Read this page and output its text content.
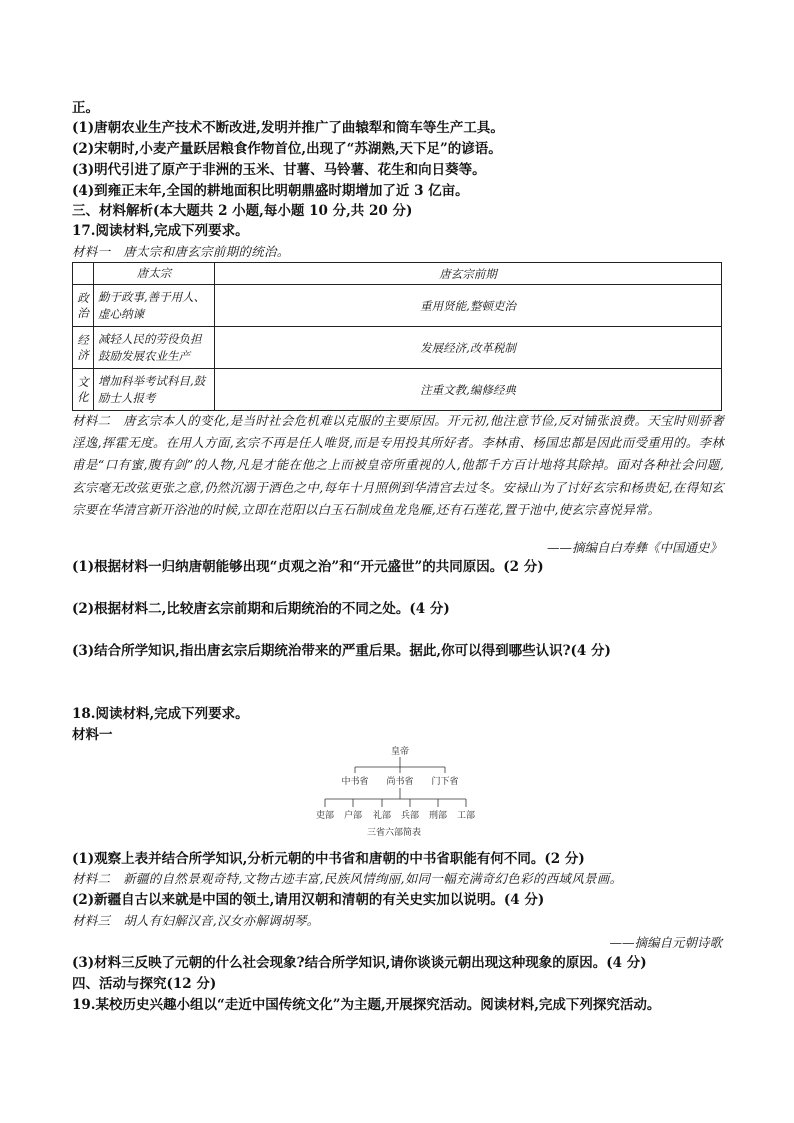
正。
(1)唐朝农业生产技术不断改进,发明并推广了曲辕犁和筒车等生产工具。
(2)宋朝时,小麦产量跃居粮食作物首位,出现了“苏湖熟,天下足”的谚语。
(3)明代引进了原产于非洲的玉米、甘薯、马铃薯、花生和向日葵等。
(4)到雍正末年,全国的耕地面积比明朝鼎盛时期增加了近 3 亿亩。
三、材料解析(本大题共 2 小题,每小题 10 分,共 20 分)
17.阅读材料,完成下列要求。
材料一　唐太宗和唐玄宗前期的统治。
	唐太宗	唐玄宗前期
政治	勤于政事,善于用人、虚心纳谏	重用贤能,整顿吏治
经济	减轻人民的劳役负担鼓励发展农业生产	发展经济,改革税制
文化	增加科举考试科目,鼓励士人报考	注重文教,编修经典
材料二　唐玄宗本人的变化,是当时社会危机难以克服的主要原因。开元初,他注意节俭,反对铺张浪费。天宝时则骄奢淫逸,挥霍无度。在用人方面,玄宗不再是任人唯贤,而是专用投其所好者。李林甫、杨国忠都是因此而受重用的。李林甫是“口有蜜,腹有剑”的人物,凡是才能在他之上而被皇帝所重视的人,他都千方百计地将其除掉。面对各种社会问题,玄宗毫无改弦更张之意,仍然沉溺于酒色之中,每年十月照例到华清宫去过冬。安禄山为了讨好玄宗和杨贵妃,在得知玄宗要在华清宫新开浴池的时候,立即在范阳以白玉石制成鱼龙凫雁,还有石莲花,置于池中,使玄宗喜悦异常。
——摘编自白寿彝《中国通史》
(1)根据材料一归纳唐朝能够出现“贞观之治”和“开元盛世”的共同原因。(2 分)
(2)根据材料二,比较唐玄宗前期和后期统治的不同之处。(4 分)
(3)结合所学知识,指出唐玄宗后期统治带来的严重后果。据此,你可以得到哪些认识?(4 分)
18.阅读材料,完成下列要求。
材料一
皇帝
中书省 尚书省 门下省
吏部 户部 礼部 兵部 刑部 工部
三省六部简表
(1)观察上表并结合所学知识,分析元朝的中书省和唐朝的中书省职能有何不同。(2 分)
材料二　新疆的自然景观奇特,文物古迹丰富,民族风情绚丽,如同一幅充满奇幻色彩的西域风景画。
(2)新疆自古以来就是中国的领土,请用汉朝和清朝的有关史实加以说明。(4 分)
材料三　胡人有妇解汉音,汉女亦解调胡琴。
——摘编自元朝诗歌
(3)材料三反映了元朝的什么社会现象?结合所学知识,请你谈谈元朝出现这种现象的原因。(4 分)
四、活动与探究(12 分)
19.某校历史兴趣小组以“走近中国传统文化”为主题,开展探究活动。阅读材料,完成下列探究活动。
